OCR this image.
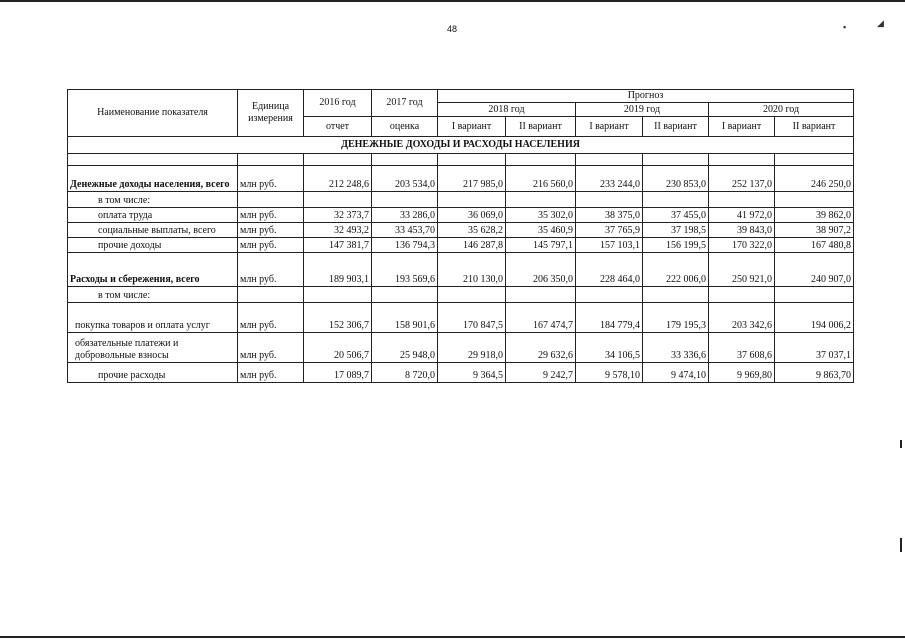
▪	◢
48
Наименование показателя	Единица измерения	2016 год	2017 год	Прогноз					
				2018 год		2019 год		2020 год	
		отчет	оценка	I вариант	II вариант	I вариант	II вариант	I вариант	II вариант
ДЕНЕЖНЫЕ ДОХОДЫ И РАСХОДЫ НАСЕЛЕНИЯ									

Денежные доходы населения, всего	млн руб.	212 248,6	203 534,0	217 985,0	216 560,0	233 244,0	230 853,0	252 137,0	246 250,0
в том числе:									
оплата труда	млн руб.	32 373,7	33 286,0	36 069,0	35 302,0	38 375,0	37 455,0	41 972,0	39 862,0
социальные выплаты, всего	млн руб.	32 493,2	33 453,70	35 628,2	35 460,9	37 765,9	37 198,5	39 843,0	38 907,2
прочие доходы	млн руб.	147 381,7	136 794,3	146 287,8	145 797,1	157 103,1	156 199,5	170 322,0	167 480,8
Расходы и сбережения, всего	млн руб.	189 903,1	193 569,6	210 130,0	206 350,0	228 464,0	222 006,0	250 921,0	240 907,0
в том числе:									
покупка товаров и оплата услуг	млн руб.	152 306,7	158 901,6	170 847,5	167 474,7	184 779,4	179 195,3	203 342,6	194 006,2
обязательные платежи и добровольные взносы	млн руб.	20 506,7	25 948,0	29 918,0	29 632,6	34 106,5	33 336,6	37 608,6	37 037,1
прочие расходы	млн руб.	17 089,7	8 720,0	9 364,5	9 242,7	9 578,10	9 474,10	9 969,80	9 863,70
